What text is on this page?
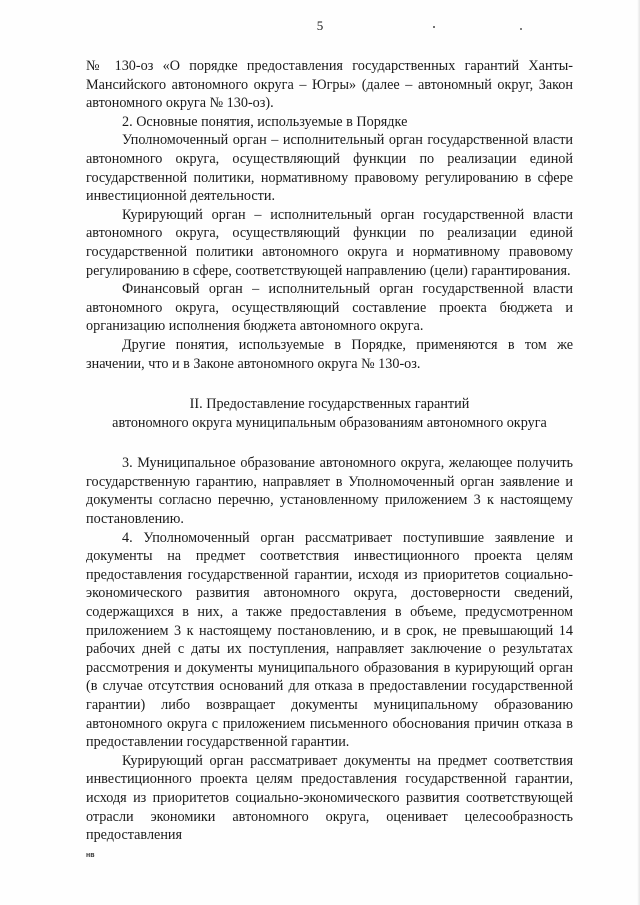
5

№ 130-оз «О порядке предоставления государственных гарантий Ханты-Мансийского автономного округа – Югры» (далее – автономный округ, Закон автономного округа № 130-оз).

2. Основные понятия, используемые в Порядке

Уполномоченный орган – исполнительный орган государственной власти автономного округа, осуществляющий функции по реализации единой государственной политики, нормативному правовому регулированию в сфере инвестиционной деятельности.

Курирующий орган – исполнительный орган государственной власти автономного округа, осуществляющий функции по реализации единой государственной политики автономного округа и нормативному правовому регулированию в сфере, соответствующей направлению (цели) гарантирования.

Финансовый орган – исполнительный орган государственной власти автономного округа, осуществляющий составление проекта бюджета и организацию исполнения бюджета автономного округа.

Другие понятия, используемые в Порядке, применяются в том же значении, что и в Законе автономного округа № 130-оз.

II. Предоставление государственных гарантий
автономного округа муниципальным образованиям автономного округа

3. Муниципальное образование автономного округа, желающее получить государственную гарантию, направляет в Уполномоченный орган заявление и документы согласно перечню, установленному приложением 3 к настоящему постановлению.

4. Уполномоченный орган рассматривает поступившие заявление и документы на предмет соответствия инвестиционного проекта целям предоставления государственной гарантии, исходя из приоритетов социально-экономического развития автономного округа, достоверности сведений, содержащихся в них, а также предоставления в объеме, предусмотренном приложением 3 к настоящему постановлению, и в срок, не превышающий 14 рабочих дней с даты их поступления, направляет заключение о результатах рассмотрения и документы муниципального образования в курирующий орган (в случае отсутствия оснований для отказа в предоставлении государственной гарантии) либо возвращает документы муниципальному образованию автономного округа с приложением письменного обоснования причин отказа в предоставлении государственной гарантии.

Курирующий орган рассматривает документы на предмет соответствия инвестиционного проекта целям предоставления государственной гарантии, исходя из приоритетов социально-экономического развития соответствующей отрасли экономики автономного округа, оценивает целесообразность предоставления

нв
